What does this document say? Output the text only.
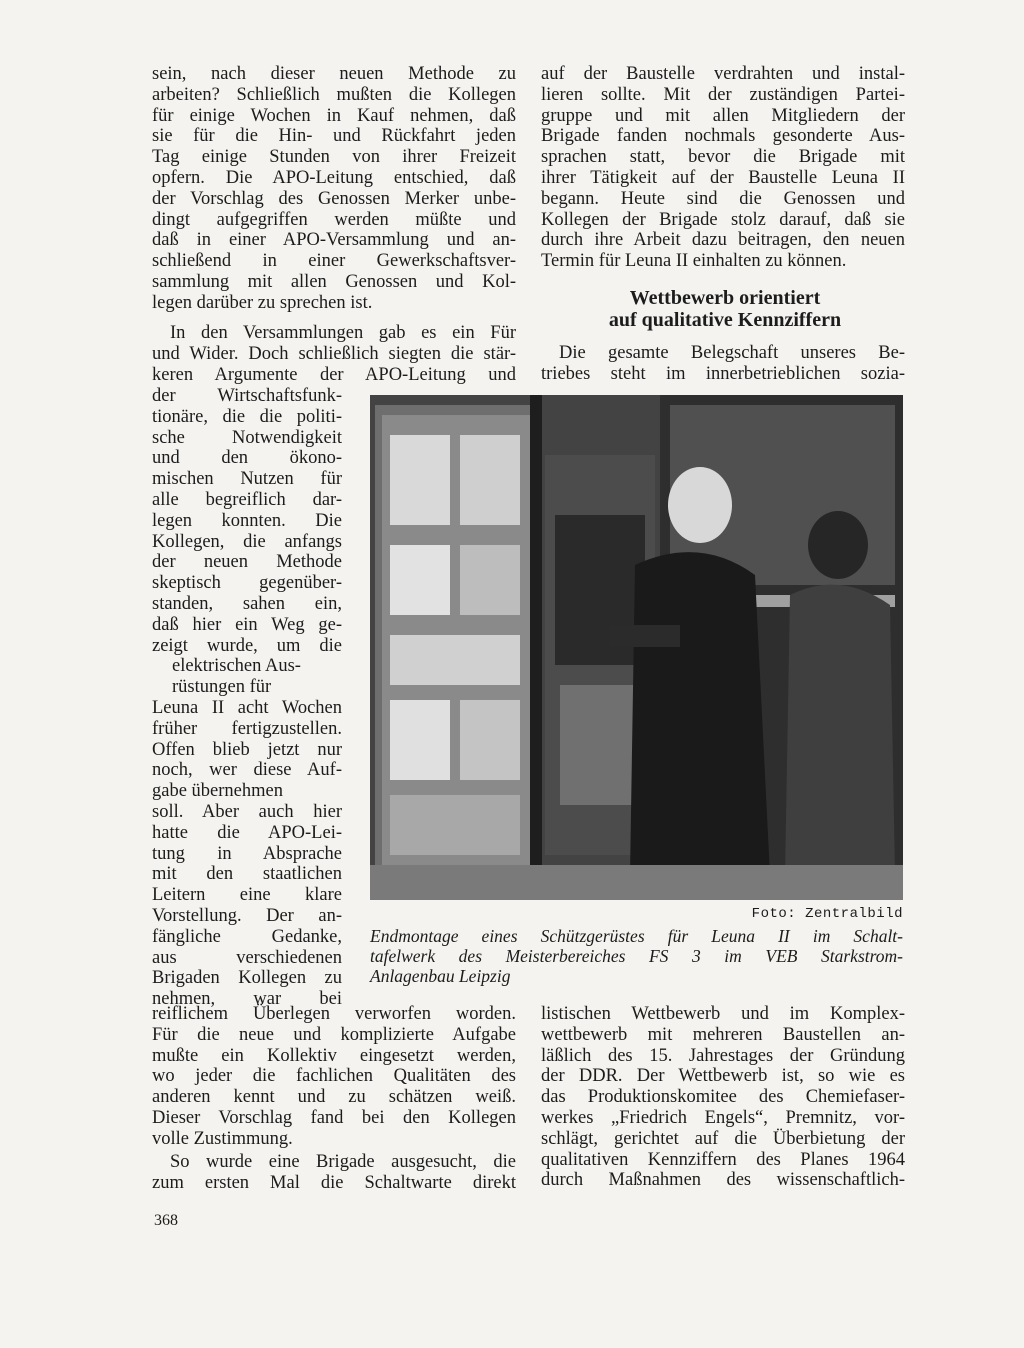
sein, nach dieser neuen Methode zu
arbeiten? Schließlich mußten die Kollegen
für einige Wochen in Kauf nehmen, daß
sie für die Hin- und Rückfahrt jeden
Tag einige Stunden von ihrer Freizeit
opfern. Die APO-Leitung entschied, daß
der Vorschlag des Genossen Merker unbe-
dingt aufgegriffen werden müßte und
daß in einer APO-Versammlung und an-
schließend in einer Gewerkschaftsver-
sammlung mit allen Genossen und Kol-
legen darüber zu sprechen ist.
In den Versammlungen gab es ein Für
und Wider. Doch schließlich siegten die stär-
keren Argumente der APO-Leitung und
der Wirtschaftsfunk-
tionäre, die die politi-
sche Notwendigkeit
und den ökono-
mischen Nutzen für
alle begreiflich dar-
legen konnten. Die
Kollegen, die anfangs
der neuen Methode
skeptisch gegenüber-
standen, sahen ein,
daß hier ein Weg ge-
zeigt wurde, um die
elektrischen Aus-
rüstungen für
Leuna II acht Wochen
früher fertigzustellen.
Offen blieb jetzt nur
noch, wer diese Auf-
gabe übernehmen
soll. Aber auch hier
hatte die APO-Lei-
tung in Absprache
mit den staatlichen
Leitern eine klare
Vorstellung. Der an-
fängliche Gedanke,
aus verschiedenen
Brigaden Kollegen zu
nehmen, war bei
reiflichem Überlegen verworfen worden.
Für die neue und komplizierte Aufgabe
mußte ein Kollektiv eingesetzt werden,
wo jeder die fachlichen Qualitäten des
anderen kennt und zu schätzen weiß.
Dieser Vorschlag fand bei den Kollegen
volle Zustimmung.
So wurde eine Brigade ausgesucht, die
zum ersten Mal die Schaltwarte direkt
auf der Baustelle verdrahten und instal-
lieren sollte. Mit der zuständigen Partei-
gruppe und mit allen Mitgliedern der
Brigade fanden nochmals gesonderte Aus-
sprachen statt, bevor die Brigade mit
ihrer Tätigkeit auf der Baustelle Leuna II
begann. Heute sind die Genossen und
Kollegen der Brigade stolz darauf, daß sie
durch ihre Arbeit dazu beitragen, den neuen
Termin für Leuna II einhalten zu können.
Die gesamte Belegschaft unseres Be-
triebes steht im innerbetrieblichen sozia-
listischen Wettbewerb und im Komplex-
wettbewerb mit mehreren Baustellen an-
läßlich des 15. Jahrestages der Gründung
der DDR. Der Wettbewerb ist, so wie es
das Produktionskomitee des Chemiefaser-
werkes „Friedrich Engels“, Premnitz, vor-
schlägt, gerichtet auf die Überbietung der
qualitativen Kennziffern des Planes 1964
durch Maßnahmen des wissenschaftlich-
Wettbewerb orientiert
auf qualitative Kennziffern
Foto: Zentralbild
Endmontage eines Schützgerüstes für Leuna II im Schalt-
tafelwerk des Meisterbereiches FS 3 im VEB Starkstrom-
Anlagenbau Leipzig
368
